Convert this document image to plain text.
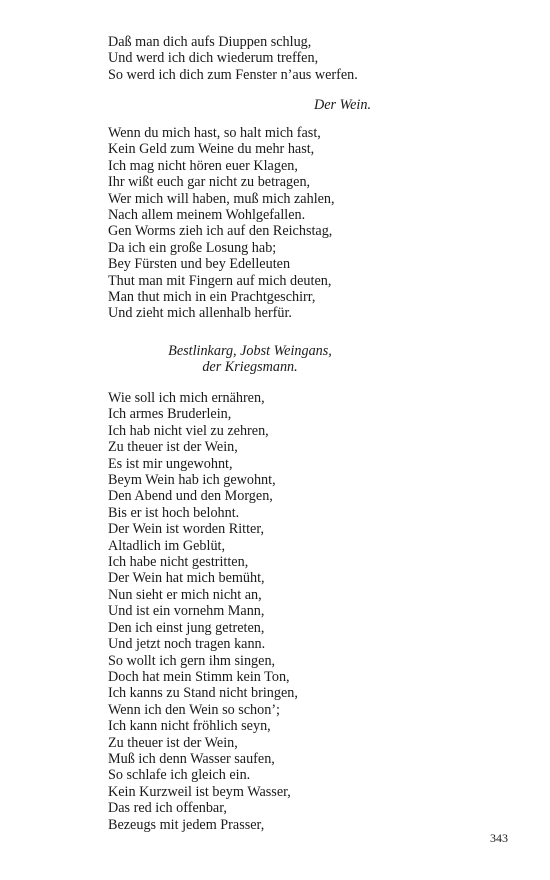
Daß man dich aufs Diuppen schlug,
Und werd ich dich wiederum treffen,
So werd ich dich zum Fenster n’aus werfen.
Der Wein.
Wenn du mich hast, so halt mich fast,
Kein Geld zum Weine du mehr hast,
Ich mag nicht hören euer Klagen,
Ihr wißt euch gar nicht zu betragen,
Wer mich will haben, muß mich zahlen,
Nach allem meinem Wohlgefallen.
Gen Worms zieh ich auf den Reichstag,
Da ich ein große Losung hab;
Bey Fürsten und bey Edelleuten
Thut man mit Fingern auf mich deuten,
Man thut mich in ein Prachtgeschirr,
Und zieht mich allenhalb herfür.
Bestlinkarg, Jobst Weingans,
der Kriegsmann.
Wie soll ich mich ernähren,
Ich armes Bruderlein,
Ich hab nicht viel zu zehren,
Zu theuer ist der Wein,
Es ist mir ungewohnt,
Beym Wein hab ich gewohnt,
Den Abend und den Morgen,
Bis er ist hoch belohnt.
Der Wein ist worden Ritter,
Altadlich im Geblüt,
Ich habe nicht gestritten,
Der Wein hat mich bemüht,
Nun sieht er mich nicht an,
Und ist ein vornehm Mann,
Den ich einst jung getreten,
Und jetzt noch tragen kann.
So wollt ich gern ihm singen,
Doch hat mein Stimm kein Ton,
Ich kanns zu Stand nicht bringen,
Wenn ich den Wein so schon’;
Ich kann nicht fröhlich seyn,
Zu theuer ist der Wein,
Muß ich denn Wasser saufen,
So schlafe ich gleich ein.
Kein Kurzweil ist beym Wasser,
Das red ich offenbar,
Bezeugs mit jedem Prasser,
343
